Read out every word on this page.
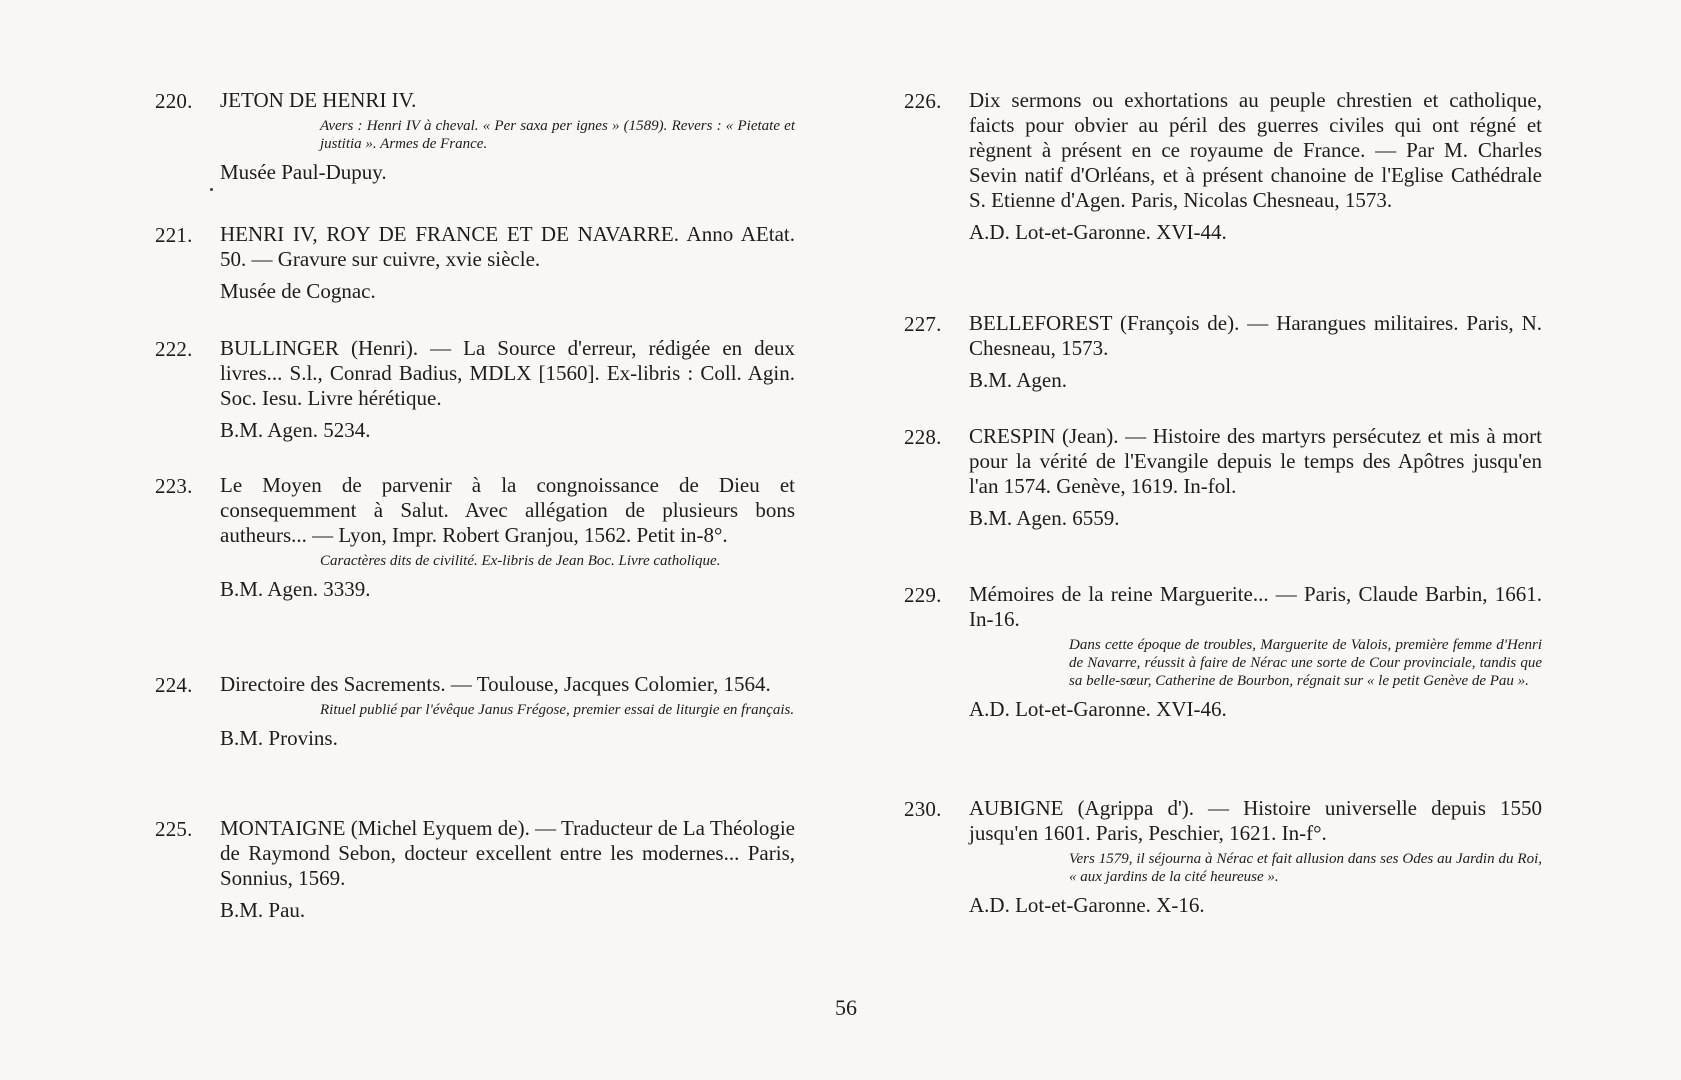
220.	JETON DE HENRI IV.

Avers : Henri IV à cheval. « Per saxa per ignes » (1589). Revers : « Pietate et justitia ». Armes de France.
Musée Paul-Dupuy.
221.	HENRI IV, ROY DE FRANCE ET DE NAVARRE. Anno AEtat. 50. — Gravure sur cuivre, xvie siècle.

Musée de Cognac.
222.	BULLINGER (Henri). — La Source d'erreur, rédigée en deux livres... S.l., Conrad Badius, MDLX [1560]. Ex-libris : Coll. Agin. Soc. Iesu. Livre hérétique.

B.M. Agen. 5234.
223.	Le Moyen de parvenir à la congnoissance de Dieu et consequemment à Salut. Avec allégation de plusieurs bons autheurs... — Lyon, Impr. Robert Granjou, 1562. Petit in-8°.

Caractères dits de civilité. Ex-libris de Jean Boc. Livre catholique.
B.M. Agen. 3339.
224.	Directoire des Sacrements. — Toulouse, Jacques Colomier, 1564.

Rituel publié par l'évêque Janus Frégose, premier essai de liturgie en français.
B.M. Provins.
225.	MONTAIGNE (Michel Eyquem de). — Traducteur de La Théologie de Raymond Sebon, docteur excellent entre les modernes... Paris, Sonnius, 1569.

B.M. Pau.
226.	Dix sermons ou exhortations au peuple chrestien et catholique, faicts pour obvier au péril des guerres civiles qui ont régné et règnent à présent en ce royaume de France. — Par M. Charles Sevin natif d'Orléans, et à présent chanoine de l'Eglise Cathédrale S. Etienne d'Agen. Paris, Nicolas Chesneau, 1573.

A.D. Lot-et-Garonne. XVI-44.
227.	BELLEFOREST (François de). — Harangues militaires. Paris, N. Chesneau, 1573.

B.M. Agen.
228.	CRESPIN (Jean). — Histoire des martyrs persécutez et mis à mort pour la vérité de l'Evangile depuis le temps des Apôtres jusqu'en l'an 1574. Genève, 1619. In-fol.

B.M. Agen. 6559.
229.	Mémoires de la reine Marguerite... — Paris, Claude Barbin, 1661. In-16.

Dans cette époque de troubles, Marguerite de Valois, première femme d'Henri de Navarre, réussit à faire de Nérac une sorte de Cour provinciale, tandis que sa belle-sœur, Catherine de Bourbon, régnait sur « le petit Genève de Pau ».
A.D. Lot-et-Garonne. XVI-46.
230.	AUBIGNE (Agrippa d'). — Histoire universelle depuis 1550 jusqu'en 1601. Paris, Peschier, 1621. In-f°.

Vers 1579, il séjourna à Nérac et fait allusion dans ses Odes au Jardin du Roi, « aux jardins de la cité heureuse ».
A.D. Lot-et-Garonne. X-16.
56
